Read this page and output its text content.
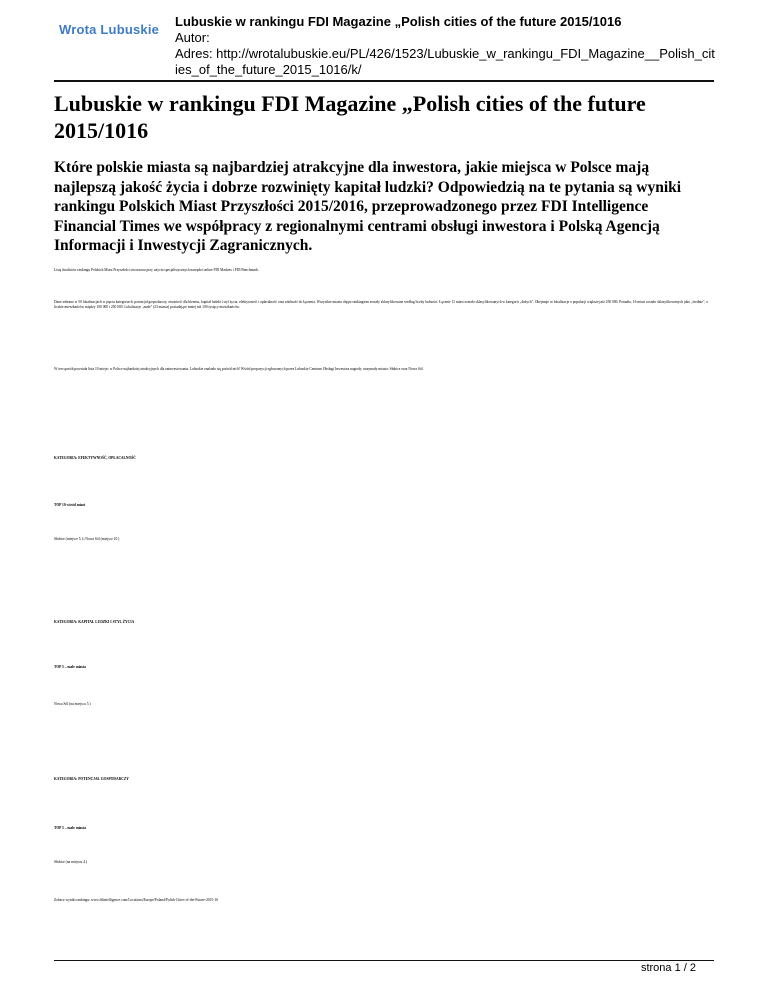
Wrota Lubuskie
Lubuskie w rankingu FDI Magazine „Polish cities of the future 2015/1016
Autor:
Adres: http://wrotalubuskie.eu/PL/426/1523/Lubuskie_w_rankingu_FDI_Magazine__Polish_cit
ies_of_the_future_2015_1016/k/
Lubuskie w rankingu FDI Magazine „Polish cities of the future 2015/1016

Które polskie miasta są najbardziej atrakcyjne dla inwestora, jakie miejsca w Polsce mają najlepszą jakość życia i dobrze rozwinięty kapitał ludzki? Odpowiedzią na te pytania są wyniki rankingu Polskich Miast Przyszłości 2015/2016, przeprowadzonego przez FDI Intelligence Financial Times we współpracy z regionalnymi centrami obsługi inwestora i Polską Agencją Informacji i Inwestycji Zagranicznych.

Listę finalistów rankingu Polskich Miast Przyszłości stworzono przy użyciu specjalistycznych narzędzi online FDI Markets i FDI Benchmark.

Dane zebrano w 50 lokalizacjach w pięciu kategoriach: potencjał gospodarczy, otwartość dla biznesu, kapitał ludzki i styl życia, efektywność i opłacalność oraz zdolność do łączenia. Wszystkie miasta objęte rankingiem zostały sklasyfikowane według liczby ludności. Łącznie 11 miast zostało sklasyfikowanych w kategorii „dużych". Obejmuje to lokalizacje o populacji większej niż 250 000. Ponadto, 16 miast zostało sklasyfikowanych jako „średnie", o liczbie mieszkańców między 100 000 i 250 000. Lokalizacje „małe" (23 miasta) posiadające mniej niż 100 tysięcy mieszkańców.

W ten sposób powstała lista 10 miejsc w Polsce najbardziej atrakcyjnych dla zainwestowania. Lubuskie znalazło się pośród nich! Wśród propozycji zgłoszonych przez Lubuskie Centrum Obsługi Inwestora nagrody otrzymały miasta: Słubice oraz Nowa Sól.

KATEGORIA: EFEKTYWNOŚĆ, OPŁACALNOŚĆ

TOP 10 wśród miast

Słubice (miejsce 5.) i Nowa Sól (miejsce 10.)

KATEGORIA: KAPITAŁ LUDZKI I STYL ŻYCIA

TOP 5 – małe miasta

Nowa Sól (na miejscu 5.)

KATEGORIA: POTENCJAŁ GOSPODARCZY

TOP 5 – małe miasta

Słubice (na miejscu 4.)

Zobacz wyniki rankingu: www.fdiintelligence.com/Locations/Europe/Poland/Polish-Cities-of-the-Future-2015-16

strona 1 / 2
